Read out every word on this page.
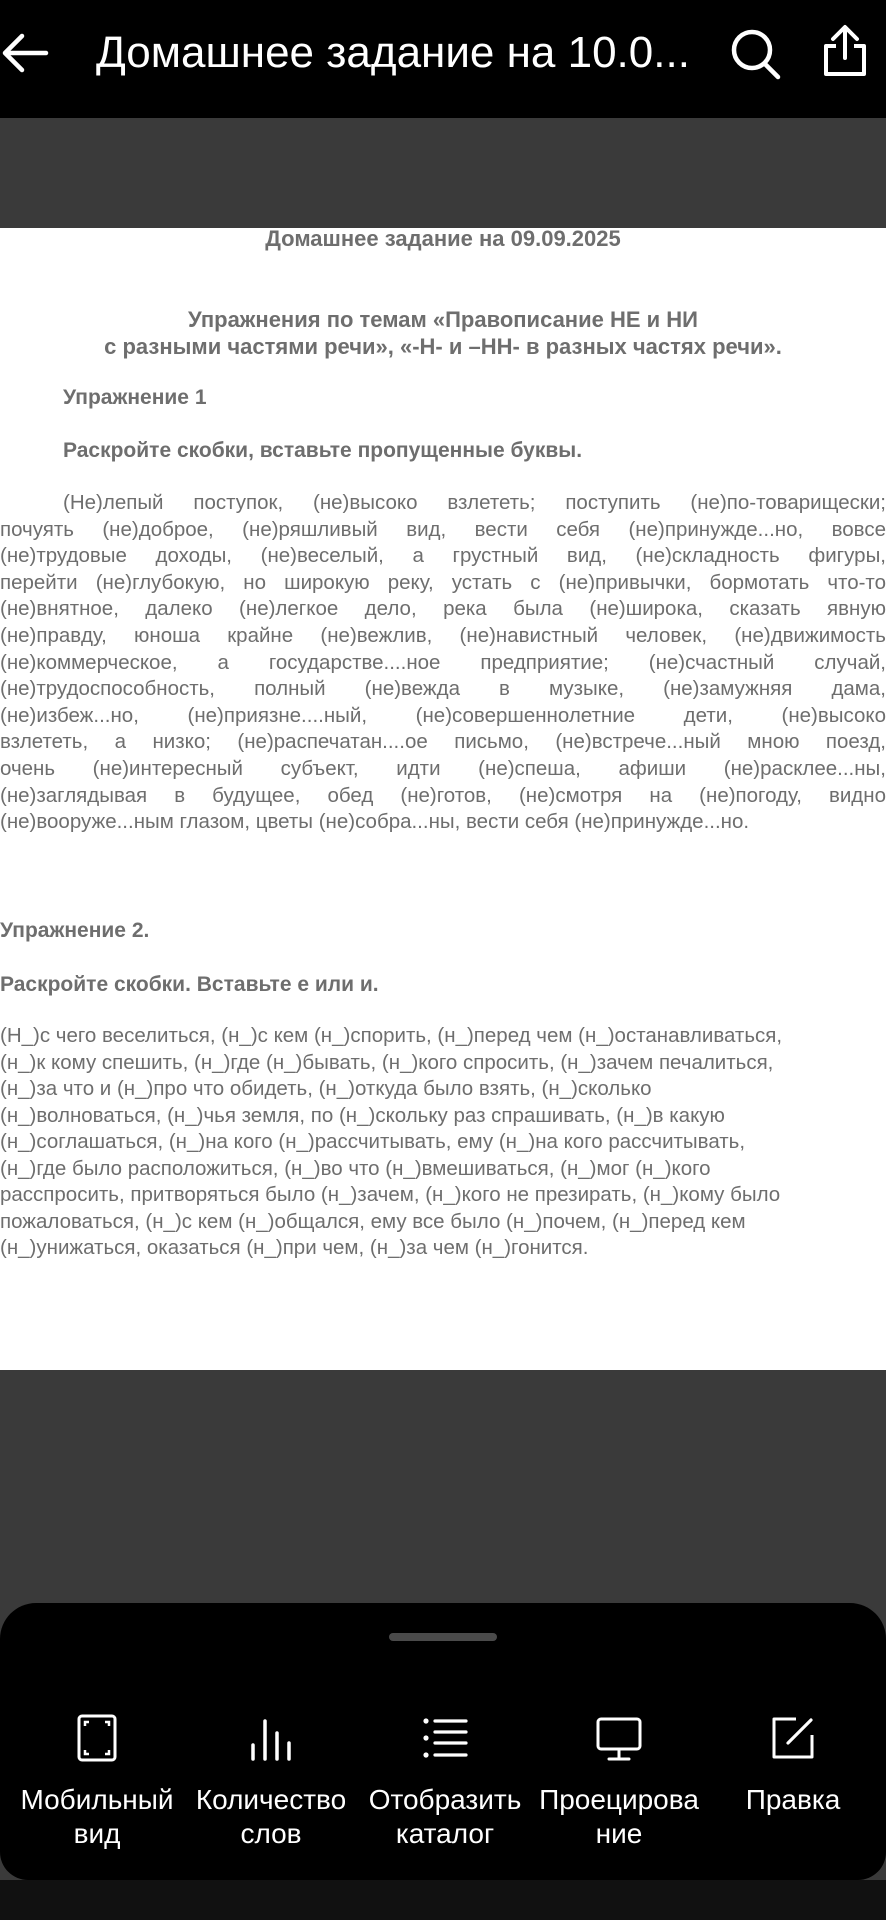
Домашнее задание на 10.0...
Домашнее задание на 09.09.2025
Упражнения по темам «Правописание НЕ и НИ
с разными частями речи», «-Н- и –НН- в разных частях речи».
Упражнение 1
Раскройте скобки, вставьте пропущенные буквы.
(Не)лепый поступок, (не)высоко взлететь; поступить (не)по-товарищески;
почуять (не)доброе, (не)ряшливый вид, вести себя (не)принужде...но, вовсе
(не)трудовые доходы, (не)веселый, а грустный вид, (не)складность фигуры,
перейти (не)глубокую, но широкую реку, устать с (не)привычки, бормотать что-то
(не)внятное, далеко (не)легкое дело, река была (не)широка, сказать явную
(не)правду, юноша крайне (не)вежлив, (не)навистный человек, (не)движимость
(не)коммерческое, а государстве....ное предприятие; (не)счастный случай,
(не)трудоспособность, полный (не)вежда в музыке, (не)замужняя дама,
(не)избеж...но, (не)приязне....ный, (не)совершеннолетние дети, (не)высоко
взлететь, а низко; (не)распечатан....ое письмо, (не)встрече...ный мною поезд,
очень (не)интересный субъект, идти (не)спеша, афиши (не)раcклее...ны,
(не)заглядывая в будущее, обед (не)готов, (не)смотря на (не)погоду, видно
(не)вооруже...ным глазом, цветы (не)собра...ны, вести себя (не)принужде...но.
Упражнение 2.
Раскройте скобки. Вставьте е или и.
(Н_)с чего веселиться, (н_)с кем (н_)спорить, (н_)перед чем (н_)останавливаться,
(н_)к кому спешить, (н_)где (н_)бывать, (н_)кого спросить, (н_)зачем печалиться,
(н_)за что и (н_)про что обидеть, (н_)откуда было взять, (н_)сколько
(н_)волноваться, (н_)чья земля, по (н_)скольку раз спрашивать, (н_)в какую
(н_)соглашаться, (н_)на кого (н_)рассчитывать, ему (н_)на кого рассчитывать,
(н_)где было расположиться, (н_)во что (н_)вмешиваться, (н_)мог (н_)кого
расспросить, притворяться было (н_)зачем, (н_)кого не презирать, (н_)кому было
пожаловаться, (н_)с кем (н_)общался, ему все было (н_)почем, (н_)перед кем
(н_)унижаться, оказаться (н_)при чем, (н_)за чем (н_)гонится.
Мобильный
вид
Количество
слов
Отобразить
каталог
Проецирова
ние
Правка
